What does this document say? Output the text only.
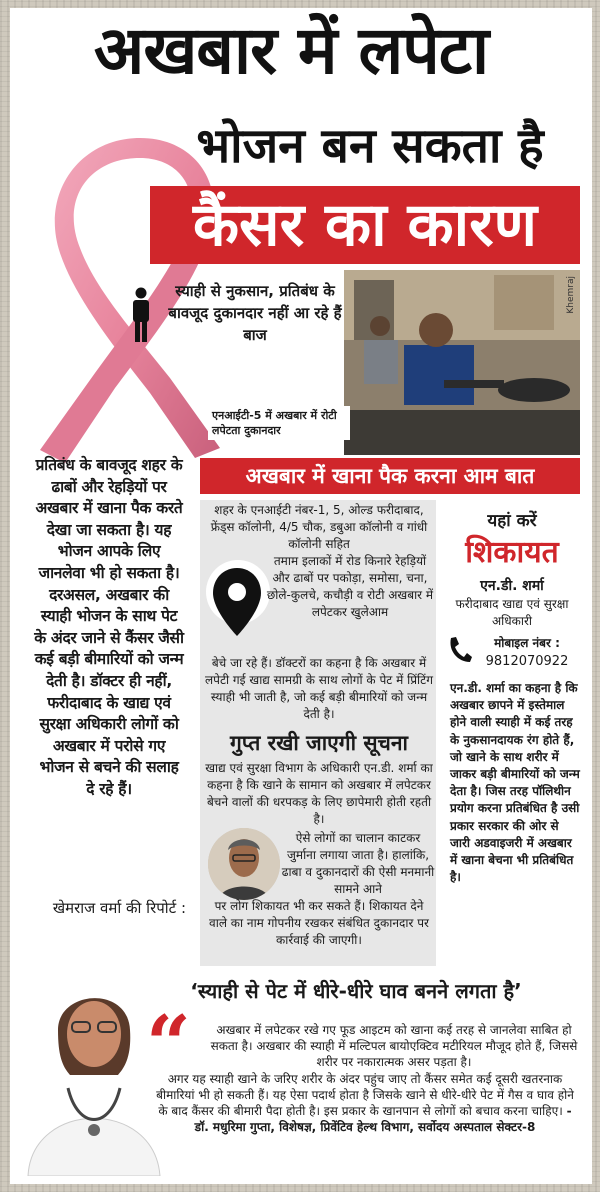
अखबार में लपेटा
भोजन बन सकता है
कैंसर का कारण
स्याही से नुकसान, प्रतिबंध के बावजूद दुकानदार नहीं आ रहे हैं बाज
Khemraj
एनआईटी-5 में अखबार में रोटी लपेटता दुकानदार
अखबार में खाना पैक करना आम बात
प्रतिबंध के बावजूद शहर के ढाबों और रेहड़ियों पर अखबार में खाना पैक करते देखा जा सकता है। यह भोजन आपके लिए जानलेवा भी हो सकता है। दरअसल, अखबार की स्याही भोजन के साथ पेट के अंदर जाने से कैंसर जैसी कई बड़ी बीमारियों को जन्म देती है। डॉक्टर ही नहीं, फरीदाबाद के खाद्य एवं सुरक्षा अधिकारी लोगों को अखबार में परोसे गए भोजन से बचने की सलाह दे रहे हैं।
खेमराज वर्मा की रिपोर्ट :
शहर के एनआईटी नंबर-1, 5, ओल्ड फरीदाबाद, फ्रेंड्स कॉलोनी, 4/5 चौक, डबुआ कॉलोनी व गांधी कॉलोनी सहित
तमाम इलाकों में रोड किनारे रेहड़ियों और ढाबों पर पकोड़ा, समोसा, चना, छोले-कुलचे, कचौड़ी व रोटी अखबार में लपेटकर खुलेआम
बेचे जा रहे हैं। डॉक्टरों का कहना है कि अखबार में लपेटी गई खाद्य सामग्री के साथ लोगों के पेट में प्रिंटिंग स्याही भी जाती है, जो कई बड़ी बीमारियों को जन्म देती है।
गुप्त रखी जाएगी सूचना
खाद्य एवं सुरक्षा विभाग के अधिकारी एन.डी. शर्मा का कहना है कि खाने के सामान को अखबार में लपेटकर बेचने वालों की धरपकड़ के लिए छापेमारी होती रहती है।
ऐसे लोगों का चालान काटकर जुर्माना लगाया जाता है। हालांकि, ढाबा व दुकानदारों की ऐसी मनमानी सामने आने
पर लोग शिकायत भी कर सकते हैं। शिकायत देने वाले का नाम गोपनीय रखकर संबंधित दुकानदार पर कार्रवाई की जाएगी।
यहां करें
शिकायत
एन.डी. शर्मा
फरीदाबाद खाद्य एवं सुरक्षा अधिकारी
मोबाइल नंबर :
9812070922
एन.डी. शर्मा का कहना है कि अखबार छापने में इस्तेमाल होने वाली स्याही में कई तरह के नुकसानदायक रंग होते हैं, जो खाने के साथ शरीर में जाकर बड़ी बीमारियों को जन्म देता है। जिस तरह पॉलिथीन प्रयोग करना प्रतिबंधित है उसी प्रकार सरकार की ओर से जारी अडवाइजरी में अखबार में खाना बेचना भी प्रतिबंधित है।
‘स्याही से पेट में धीरे-धीरे घाव बनने लगता है’
“	अखबार में लपेटकर रखे गए फूड आइटम को खाना कई तरह से जानलेवा साबित हो सकता है। अखबार की स्याही में मल्टिपल बायोएक्टिव मटीरियल मौजूद होते हैं, जिससे शरीर पर नकारात्मक असर पड़ता है।
अगर यह स्याही खाने के जरिए शरीर के अंदर पहुंच जाए तो कैंसर समेत कई दूसरी खतरनाक बीमारियां भी हो सकती हैं। यह ऐसा पदार्थ होता है जिसके खाने से धीरे-धीरे पेट में गैस व घाव होने के बाद कैंसर की बीमारी पैदा होती है। इस प्रकार के खानपान से लोगों को बचाव करना चाहिए। - डॉ. मधुरिमा गुप्ता, विशेषज्ञ, प्रिवेंटिव हेल्थ विभाग, सर्वोदय अस्पताल सेक्टर-8
